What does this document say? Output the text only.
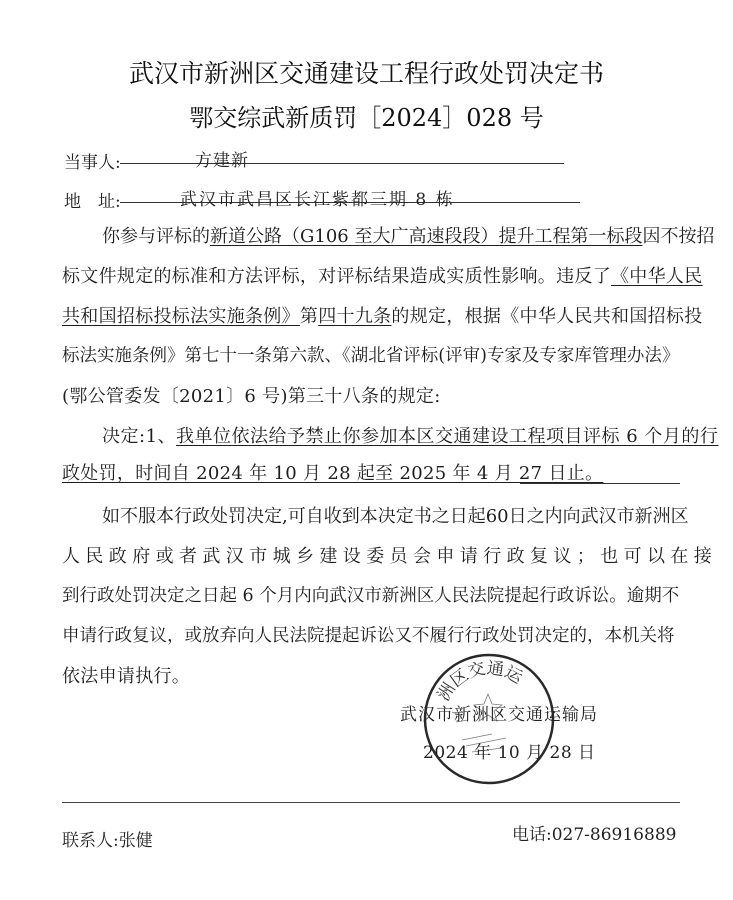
武汉市新洲区交通建设工程行政处罚决定书
鄂交综武新质罚［2024］028 号
当事人:	方建新
地　址:	武汉市武昌区长江紫都三期 8 栋
你参与评标的新道公路（G106 至大广高速段段）提升工程第一标段因不按招
标文件规定的标准和方法评标，对评标结果造成实质性影响。违反了《中华人民
共和国招标投标法实施条例》第四十九条的规定，根据《中华人民共和国招标投
标法实施条例》第七十一条第六款、《湖北省评标(评审)专家及专家库管理办法》
(鄂公管委发〔2021〕6 号)第三十八条的规定:
决定:1、我单位依法给予禁止你参加本区交通建设工程项目评标 6 个月的行
政处罚，时间自 2024 年 10 月 28 起至 2025 年 4 月 27 日止。
如不服本行政处罚决定,可自收到本决定书之日起60日之内向武汉市新洲区
人民政府或者武汉市城乡建设委员会申请行政复议；也可以在接
到行政处罚决定之日起 6 个月内向武汉市新洲区人民法院提起行政诉讼。逾期不
申请行政复议，或放弃向人民法院提起诉讼又不履行行政处罚决定的，本机关将
依法申请执行。
洲区交通运
武汉市新洲区交通运输局
2024 年 10 月 28 日
联系人:张健	电话:027-86916889
